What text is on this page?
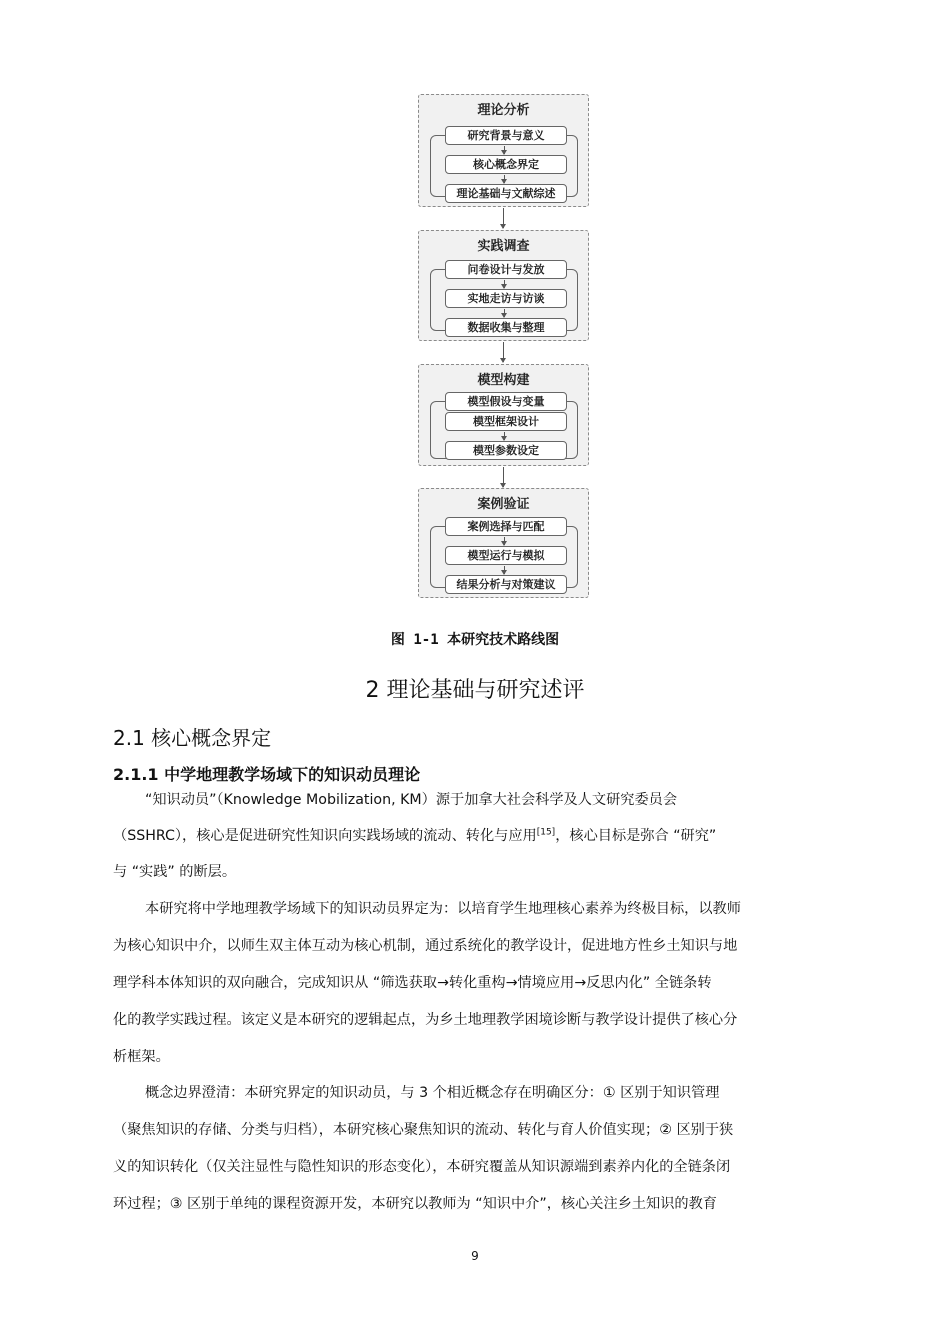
理论分析
研究背景与意义
核心概念界定
理论基础与文献综述
实践调查
问卷设计与发放
实地走访与访谈
数据收集与整理
模型构建
模型假设与变量
模型框架设计
模型参数设定
案例验证
案例选择与匹配
模型运行与模拟
结果分析与对策建议
图 1-1 本研究技术路线图
2 理论基础与研究述评
2.1 核心概念界定
2.1.1 中学地理教学场域下的知识动员理论
“知识动员”（Knowledge Mobilization, KM）源于加拿大社会科学及人文研究委员会
（SSHRC），核心是促进研究性知识向实践场域的流动、转化与应用[15]，核心目标是弥合 “研究”
与 “实践” 的断层。
本研究将中学地理教学场域下的知识动员界定为：以培育学生地理核心素养为终极目标，以教师
为核心知识中介，以师生双主体互动为核心机制，通过系统化的教学设计，促进地方性乡土知识与地
理学科本体知识的双向融合，完成知识从 “筛选获取→转化重构→情境应用→反思内化” 全链条转
化的教学实践过程。该定义是本研究的逻辑起点，为乡土地理教学困境诊断与教学设计提供了核心分
析框架。
概念边界澄清：本研究界定的知识动员，与 3 个相近概念存在明确区分：① 区别于知识管理
（聚焦知识的存储、分类与归档），本研究核心聚焦知识的流动、转化与育人价值实现；② 区别于狭
义的知识转化（仅关注显性与隐性知识的形态变化），本研究覆盖从知识源端到素养内化的全链条闭
环过程；③ 区别于单纯的课程资源开发，本研究以教师为 “知识中介”，核心关注乡土知识的教育
9
